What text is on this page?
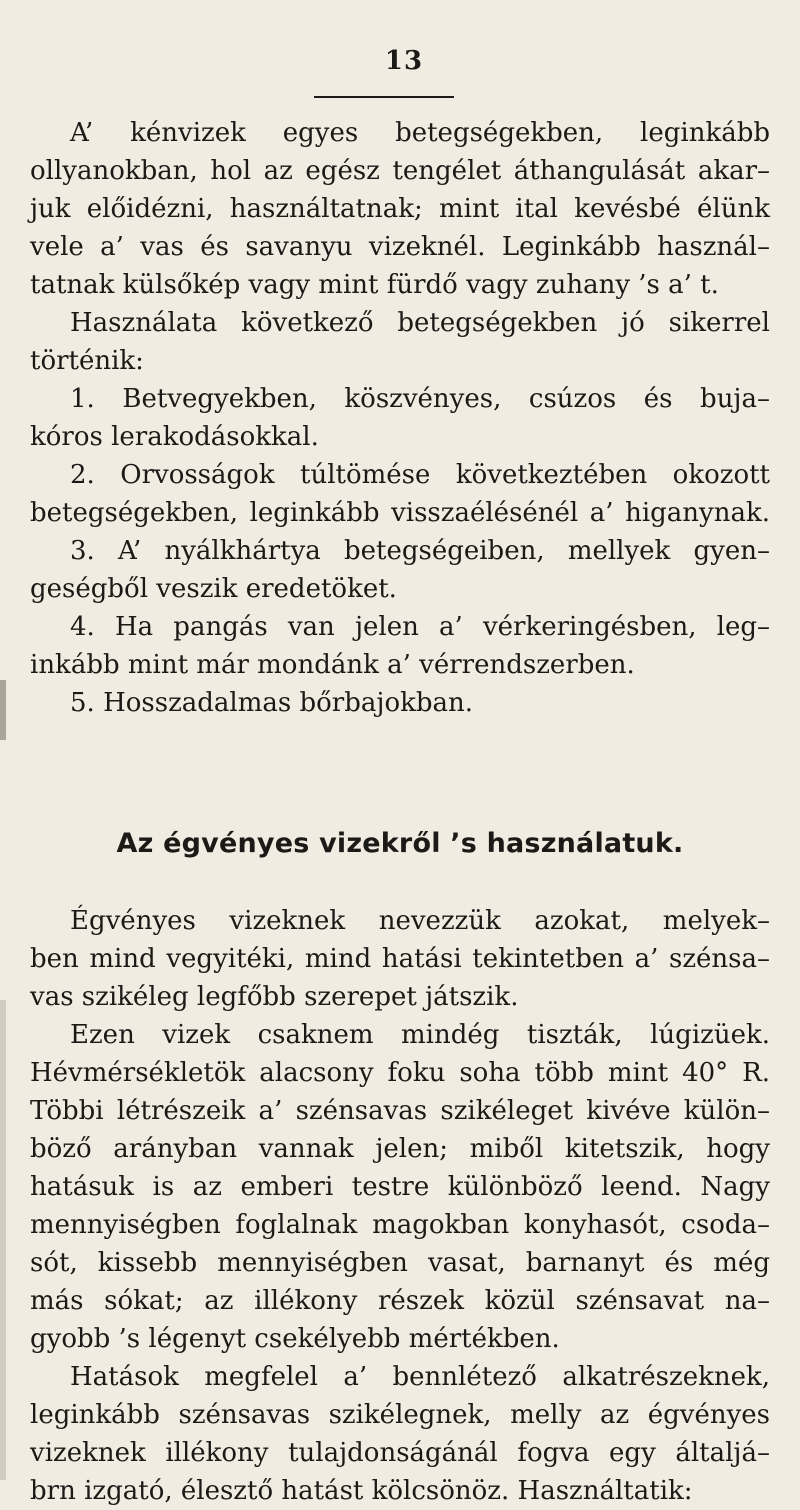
13
A’ kénvizek egyes betegségekben, leginkább
ollyanokban, hol az egész tengélet áthangulását akar–
juk előidézni, használtatnak; mint ital kevésbé élünk
vele a’ vas és savanyu vizeknél. Leginkább használ–
tatnak külsőkép vagy mint fürdő vagy zuhany ’s a’ t.
Használata következő betegségekben jó sikerrel
történik:
1. Betvegyekben, köszvényes, csúzos és buja–
kóros lerakodásokkal.
2. Orvosságok túltömése következtében okozott
betegségekben, leginkább visszaélésénél a’ higanynak.
3. A’ nyálkhártya betegségeiben, mellyek gyen–
geségből veszik eredetöket.
4. Ha pangás van jelen a’ vérkeringésben, leg–
inkább mint már mondánk a’ vérrendszerben.
5. Hosszadalmas bőrbajokban.
Az égvényes vizekről ’s használatuk.
Égvényes vizeknek nevezzük azokat, melyek–
ben mind vegyitéki, mind hatási tekintetben a’ szénsa–
vas szikéleg legfőbb szerepet játszik.
Ezen vizek csaknem mindég tiszták, lúgizüek.
Hévmérsékletök alacsony foku soha több mint 40° R.
Többi létrészeik a’ szénsavas szikéleget kivéve külön–
böző arányban vannak jelen; miből kitetszik, hogy
hatásuk is az emberi testre különböző leend. Nagy
mennyiségben foglalnak magokban konyhasót, csoda–
sót, kissebb mennyiségben vasat, barnanyt és még
más sókat; az illékony részek közül szénsavat na–
gyobb ’s légenyt csekélyebb mértékben.
Hatások megfelel a’ bennlétező alkatrészeknek,
leginkább szénsavas szikélegnek, melly az égvényes
vizeknek illékony tulajdonságánál fogva egy általjá–
brn izgató, élesztő hatást kölcsönöz. Használtatik:
